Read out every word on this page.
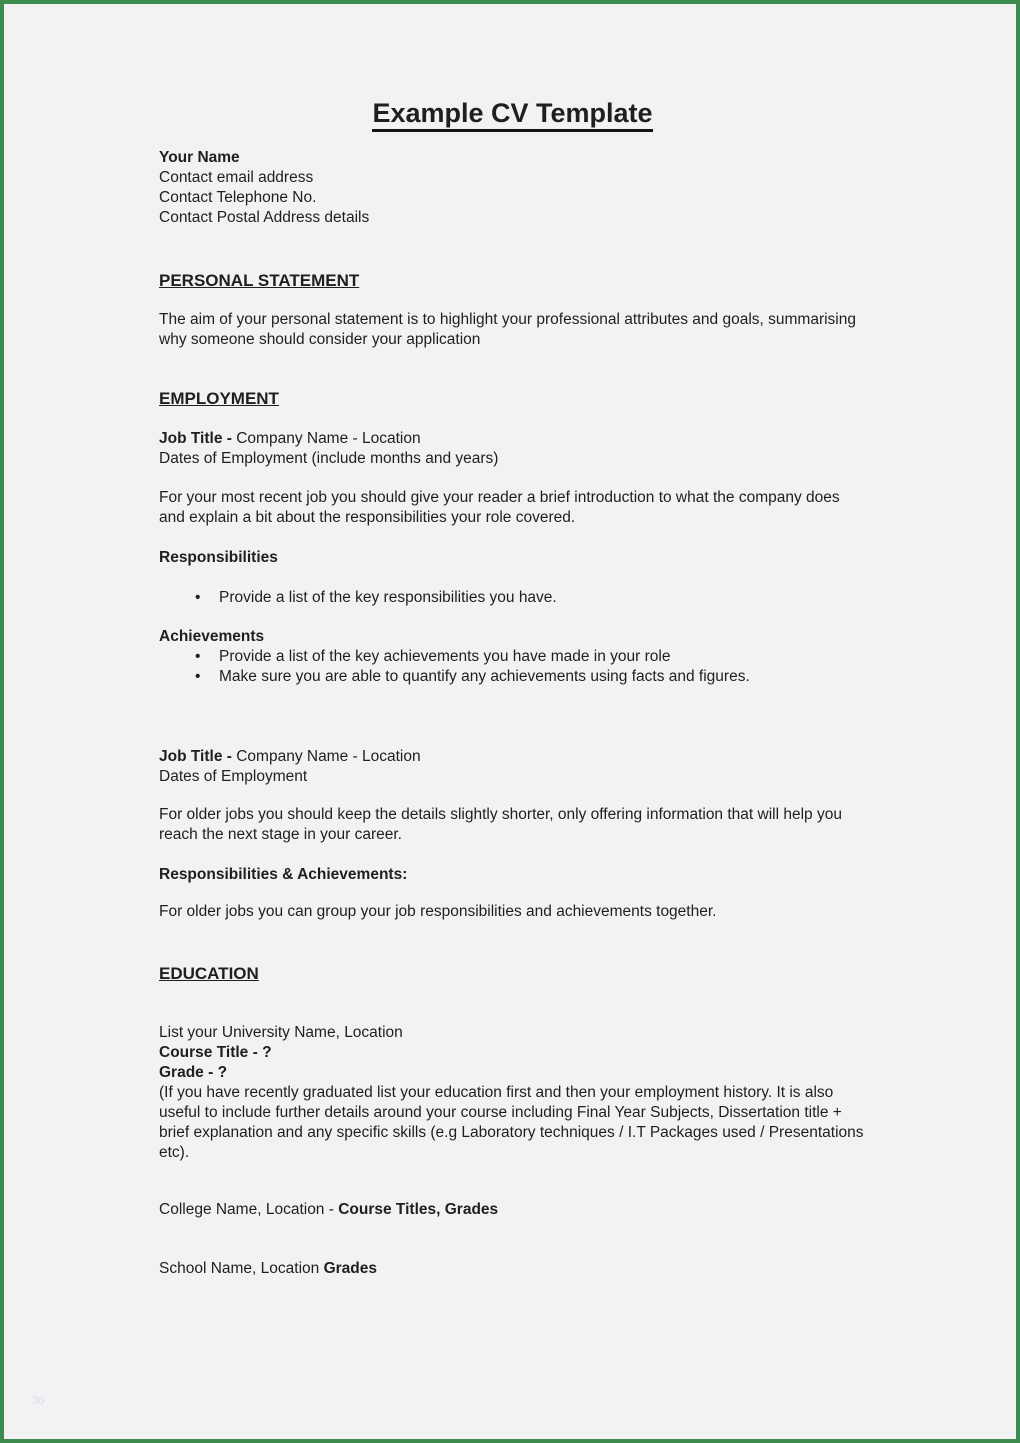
Example CV Template

Your Name

Contact email address

Contact Telephone No.

Contact Postal Address details

PERSONAL STATEMENT

The aim of your personal statement is to highlight your professional attributes and goals, summarising why someone should consider your application

EMPLOYMENT

Job Title - Company Name - Location

Dates of Employment (include months and years)

For your most recent job you should give your reader a brief introduction to what the company does and explain a bit about the responsibilities your role covered.

Responsibilities

• Provide a list of the key responsibilities you have.

Achievements

• Provide a list of the key achievements you have made in your role
• Make sure you are able to quantify any achievements using facts and figures.

Job Title - Company Name - Location

Dates of Employment

For older jobs you should keep the details slightly shorter, only offering information that will help you reach the next stage in your career.

Responsibilities & Achievements:

For older jobs you can group your job responsibilities and achievements together.

EDUCATION

List your University Name, Location

Course Title - ?

Grade - ?

(If you have recently graduated list your education first and then your employment history. It is also useful to include further details around your course including Final Year Subjects, Dissertation title + brief explanation and any specific skills (e.g Laboratory techniques / I.T Packages used / Presentations etc).

College Name, Location - Course Titles, Grades

School Name, Location Grades

30
